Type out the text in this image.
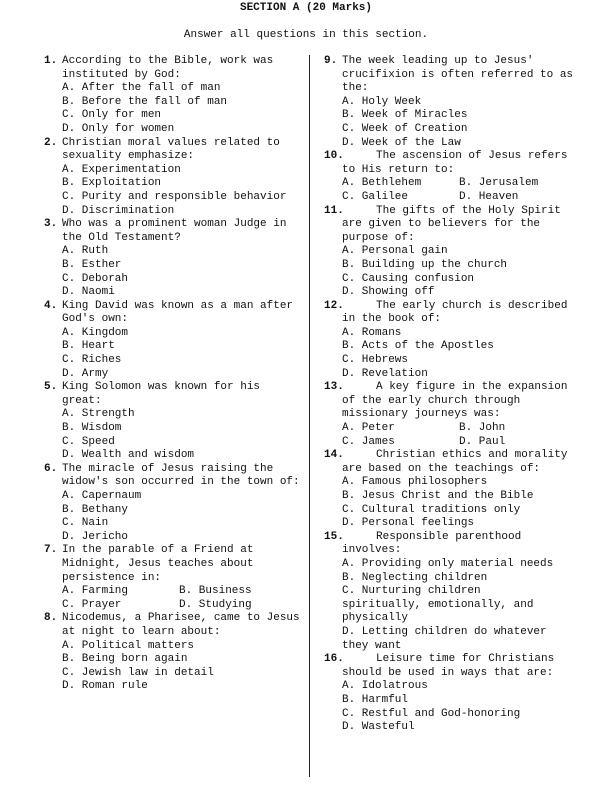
SECTION A (20 Marks)
Answer all questions in this section.
1. According to the Bible, work was instituted by God:
A. After the fall of man
B. Before the fall of man
C. Only for men
D. Only for women
2. Christian moral values related to sexuality emphasize:
A. Experimentation
B. Exploitation
C. Purity and responsible behavior
D. Discrimination
3. Who was a prominent woman Judge in the Old Testament?
A. Ruth
B. Esther
C. Deborah
D. Naomi
4. King David was known as a man after God's own:
A. Kingdom
B. Heart
C. Riches
D. Army
5. King Solomon was known for his great:
A. Strength
B. Wisdom
C. Speed
D. Wealth and wisdom
6. The miracle of Jesus raising the widow's son occurred in the town of:
A. Capernaum
B. Bethany
C. Nain
D. Jericho
7. In the parable of a Friend at Midnight, Jesus teaches about persistence in:
A. Farming	B. Business
C. Prayer	D. Studying
8. Nicodemus, a Pharisee, came to Jesus at night to learn about:
A. Political matters
B. Being born again
C. Jewish law in detail
D. Roman rule
9. The week leading up to Jesus' crucifixion is often referred to as the:
A. Holy Week
B. Week of Miracles
C. Week of Creation
D. Week of the Law
10.	The ascension of Jesus refers to His return to:
A. Bethlehem	B. Jerusalem
C. Galilee	D. Heaven
11.	The gifts of the Holy Spirit are given to believers for the purpose of:
A. Personal gain
B. Building up the church
C. Causing confusion
D. Showing off
12.	The early church is described in the book of:
A. Romans
B. Acts of the Apostles
C. Hebrews
D. Revelation
13.	A key figure in the expansion of the early church through missionary journeys was:
A. Peter	B. John
C. James	D. Paul
14.	Christian ethics and morality are based on the teachings of:
A. Famous philosophers
B. Jesus Christ and the Bible
C. Cultural traditions only
D. Personal feelings
15.	Responsible parenthood involves:
A. Providing only material needs
B. Neglecting children
C. Nurturing children spiritually, emotionally, and physically
D. Letting children do whatever they want
16.	Leisure time for Christians should be used in ways that are:
A. Idolatrous
B. Harmful
C. Restful and God-honoring
D. Wasteful
